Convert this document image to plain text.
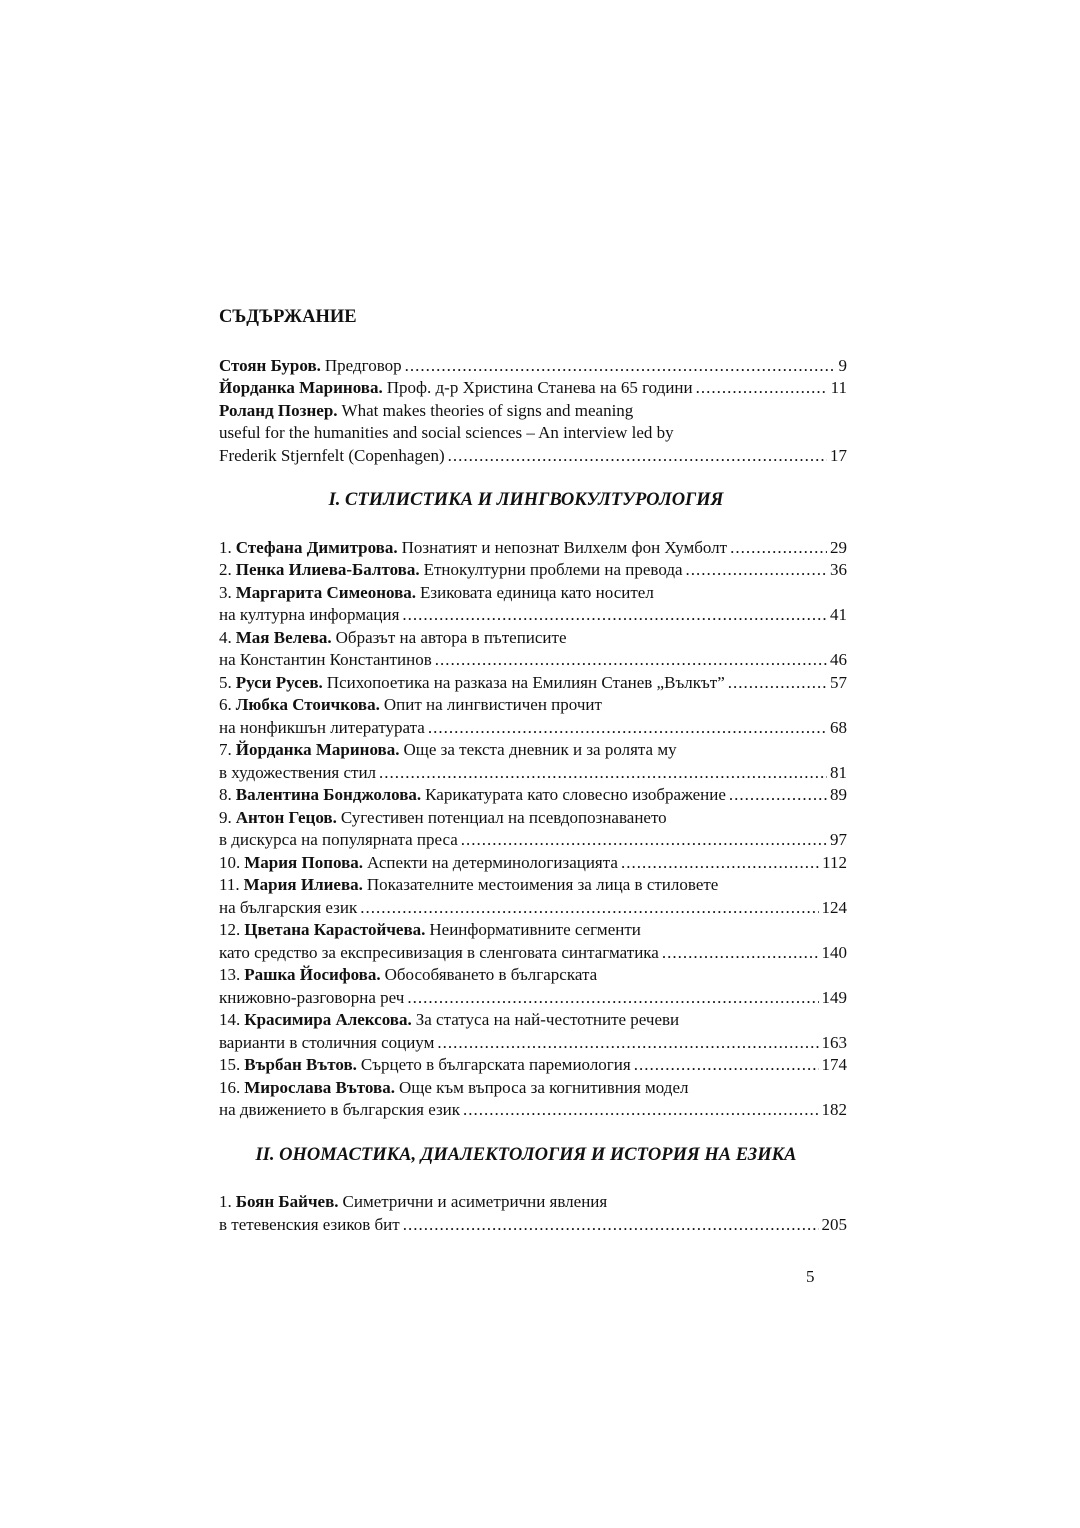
СЪДЪРЖАНИЕ
Стоян Буров. Предговор .....	9
Йорданка Маринова. Проф. д-р Христина Станева на 65 години .....	11
Роланд Познер. What makes theories of signs and meaning
useful for the humanities and social sciences – An interview led by
Frederik Stjernfelt (Copenhagen) .....	17
I. СТИЛИСТИКА И ЛИНГВОКУЛТУРОЛОГИЯ
1. Стефана Димитрова. Познатият и непознат Вилхелм фон Хумболт .....	29
2. Пенка Илиева-Балтова. Етнокултурни проблеми на превода .....	36
3. Маргарита Симеонова. Езиковата единица като носител
на културна информация .....	41
4. Мая Велева. Образът на автора в пътеписите
на Константин Константинов .....	46
5. Руси Русев. Психопоетика на разказа на Емилиян Станев „Вълкът” .....	57
6. Любка Стоичкова. Опит на лингвистичен прочит
на нонфикшън литературата .....	68
7. Йорданка Маринова. Още за текста дневник и за ролята му
в художествения стил .....	81
8. Валентина Бонджолова. Карикатурата като словесно изображение .....	89
9. Антон Гецов. Сугестивен потенциал на псевдопознаването
в дискурса на популярната преса .....	97
10. Мария Попова. Аспекти на детерминологизацията .....	112
11. Мария Илиева. Показателните местоимения за лица в стиловете
на българския език .....	124
12. Цветана Карастойчева. Неинформативните сегменти
като средство за експресивизация в сленговата синтагматика .....	140
13. Рашка Йосифова. Обособяването в българската
книжовно-разговорна реч .....	149
14. Красимира Алексова. За статуса на най-честотните речеви
варианти в столичния социум .....	163
15. Върбан Вътов. Сърцето в българската паремиология .....	174
16. Мирослава Вътова. Още към въпроса за когнитивния модел
на движението в българския език .....	182
II. ОНОМАСТИКА, ДИАЛЕКТОЛОГИЯ И ИСТОРИЯ НА ЕЗИКА
1. Боян Байчев. Симетрични и асиметрични явления
в тетевенския езиков бит .....	205
5
